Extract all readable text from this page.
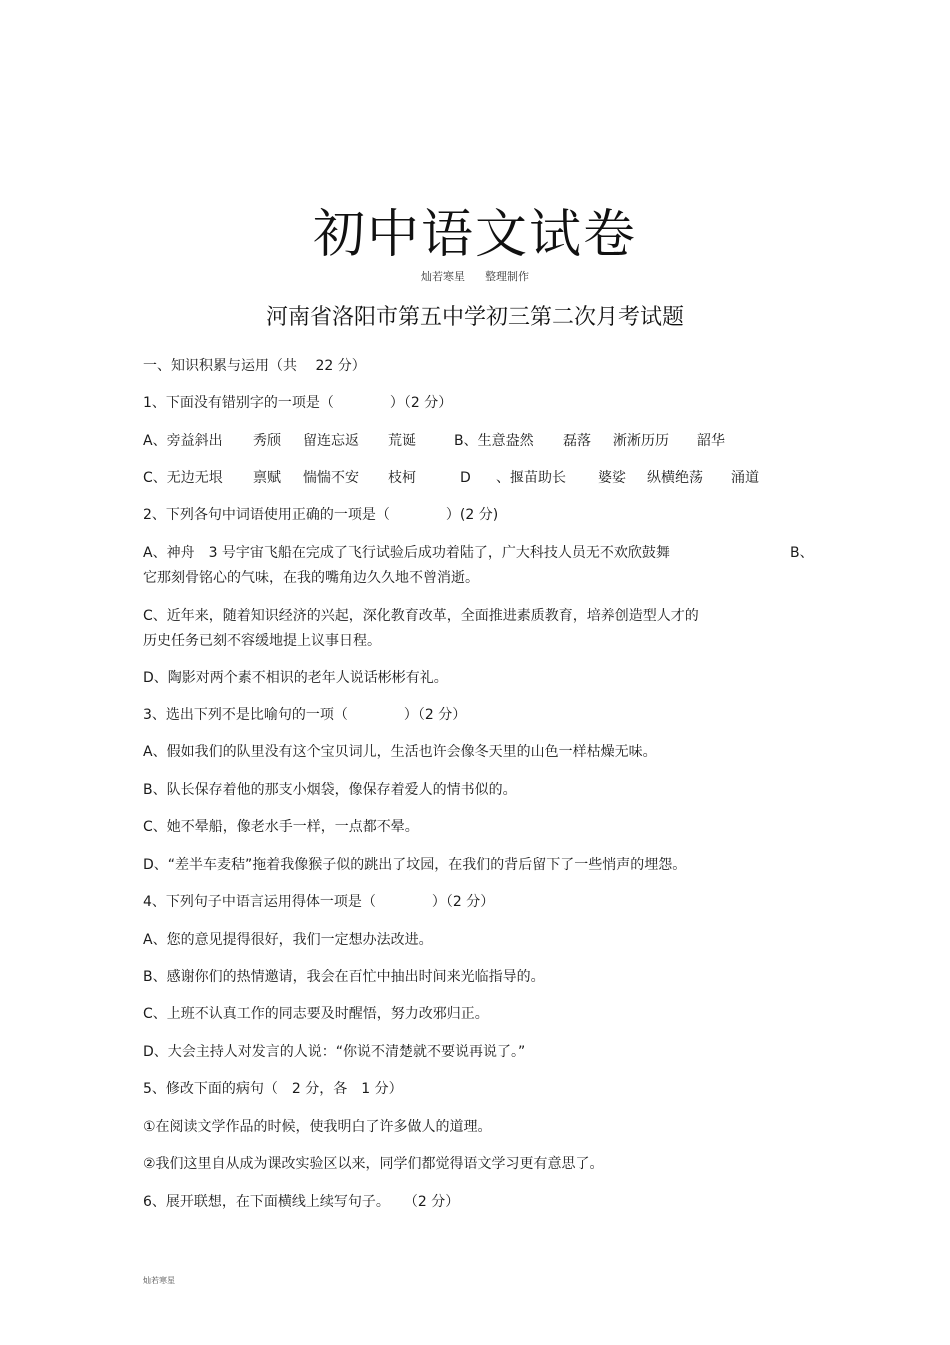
初中语文试卷
灿若寒星 整理制作
河南省洛阳市第五中学初三第二次月考试题
一、知识积累与运用（共　 22 分）
1、下面没有错别字的一项是（　　　　）（2 分）
A、旁益斜出 秀颀 留连忘返 荒诞	B、生意盎然 磊落 淅淅历历 韶华
C、无边无垠 禀赋 惴惴不安 枝柯	D 、揠苗助长 婆娑 纵横绝荡 涌道
2、下列各句中词语使用正确的一项是（　　　　）(2 分)
A、神舟　3 号宇宙飞船在完成了飞行试验后成功着陆了，广大科技人员无不欢欣鼓舞	B、
它那刻骨铭心的气味，在我的嘴角边久久地不曾消逝。
C、近年来，随着知识经济的兴起，深化教育改革，全面推进素质教育，培养创造型人才的
历史任务已刻不容缓地提上议事日程。
D、陶影对两个素不相识的老年人说话彬彬有礼。
3、选出下列不是比喻句的一项（　　　　）（2 分）
A、假如我们的队里没有这个宝贝词儿，生活也许会像冬天里的山色一样枯燥无味。
B、队长保存着他的那支小烟袋，像保存着爱人的情书似的。
C、她不晕船，像老水手一样，一点都不晕。
D、“差半车麦秸”拖着我像猴子似的跳出了坟园，在我们的背后留下了一些悄声的埋怨。
4、下列句子中语言运用得体一项是（　　　　）（2 分）
A、您的意见提得很好，我们一定想办法改进。
B、感谢你们的热情邀请，我会在百忙中抽出时间来光临指导的。
C、上班不认真工作的同志要及时醒悟，努力改邪归正。
D、大会主持人对发言的人说：“你说不清楚就不要说再说了。”
5、修改下面的病句（　2 分，各　1 分）
①在阅读文学作品的时候，使我明白了许多做人的道理。
②我们这里自从成为课改实验区以来，同学们都觉得语文学习更有意思了。
6、展开联想，在下面横线上续写句子。　　（2 分）
灿若寒星
